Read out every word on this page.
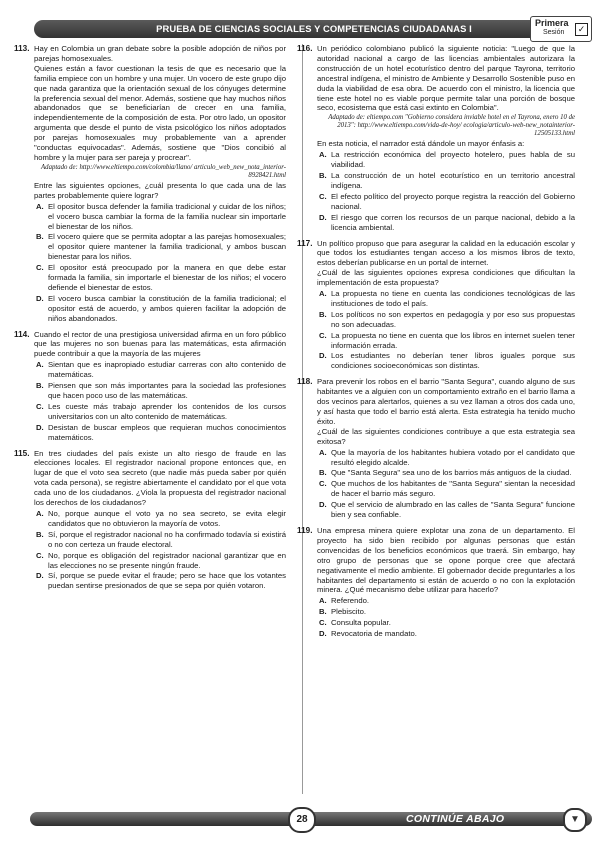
PRUEBA DE CIENCIAS SOCIALES Y COMPETENCIAS CIUDADANAS I	Primera
Sesión	✓
113. Hay en Colombia un gran debate sobre la posible adopción de niños por parejas homosexuales.

Quienes están a favor cuestionan la tesis de que es necesario que la familia empiece con un hombre y una mujer. Un vocero de este grupo dijo que nada garantiza que la orientación sexual de los cónyuges determine la preferencia sexual del menor. Además, sostiene que hay muchos niños abandonados que se beneficiarían de crecer en una familia, independientemente de la composición de esta. Por otro lado, un opositor argumenta que desde el punto de vista psicológico los niños adoptados por parejas homosexuales muy probablemente van a aprender "conductas equivocadas". Además, sostiene que "Dios concibió al hombre y la mujer para ser pareja y procrear".

Adaptado de: http://www.eltiempo.com/colombia/llano/ articulo_web_new_nota_interior-8928421.html

Entre las siguientes opciones, ¿cuál presenta lo que cada una de las partes probablemente quiere lograr?

A. El opositor busca defender la familia tradicional y cuidar de los niños; el vocero busca cambiar la forma de la familia nuclear sin importarle el bienestar de los niños.
B. El vocero quiere que se permita adoptar a las parejas homosexuales; el opositor quiere mantener la familia tradicional, y ambos buscan bienestar para los niños.
C. El opositor está preocupado por la manera en que debe estar formada la familia, sin importarle el bienestar de los niños; el vocero defiende el bienestar de estos.
D. El vocero busca cambiar la constitución de la familia tradicional; el opositor está de acuerdo, y ambos quieren facilitar la adopción de niños abandonados.
114. Cuando el rector de una prestigiosa universidad afirma en un foro público que las mujeres no son buenas para las matemáticas, esta afirmación puede contribuir a que la mayoría de las mujeres

A. Sientan que es inapropiado estudiar carreras con alto contenido de matemáticas.
B. Piensen que son más importantes para la sociedad las profesiones que hacen poco uso de las matemáticas.
C. Les cueste más trabajo aprender los contenidos de los cursos universitarios con un alto contenido de matemáticas.
D. Desistan de buscar empleos que requieran muchos conocimientos matemáticos.
115. En tres ciudades del país existe un alto riesgo de fraude en las elecciones locales. El registrador nacional propone entonces que, en lugar de que el voto sea secreto (que nadie más pueda saber por quién vota cada persona), se registre abiertamente el candidato por el que vota cada uno de los ciudadanos. ¿Viola la propuesta del registrador nacional los derechos de los ciudadanos?

A. No, porque aunque el voto ya no sea secreto, se evita elegir candidatos que no obtuvieron la mayoría de votos.
B. Sí, porque el registrador nacional no ha confirmado todavía si existirá o no con certeza un fraude electoral.
C. No, porque es obligación del registrador nacional garantizar que en las elecciones no se presente ningún fraude.
D. Sí, porque se puede evitar el fraude; pero se hace que los votantes puedan sentirse presionados de que se sepa por quién votaron.
116. Un periódico colombiano publicó la siguiente noticia: "Luego de que la autoridad nacional a cargo de las licencias ambientales autorizara la construcción de un hotel ecoturístico dentro del parque Tayrona, territorio ancestral indígena, el ministro de Ambiente y Desarrollo Sostenible puso en duda la viabilidad de esa obra. De acuerdo con el ministro, la licencia que tiene este hotel no es viable porque permite talar una porción de bosque seco, ecosistema que está casi extinto en Colombia".

Adaptado de: eltiempo.com "Gobierno considera inviable hotel en el Tayrona, enero 10 de 2013": http://www.eltiempo.com/vida-de-hoy/ ecologia/articulo-web-new_notainterior-12505133.html

En esta noticia, el narrador está dándole un mayor énfasis a:

A. La restricción económica del proyecto hotelero, pues habla de su viabilidad.
B. La construcción de un hotel ecoturístico en un territorio ancestral indígena.
C. El efecto político del proyecto porque registra la reacción del Gobierno nacional.
D. El riesgo que corren los recursos de un parque nacional, debido a la licencia ambiental.
117. Un político propuso que para asegurar la calidad en la educación escolar y que todos los estudiantes tengan acceso a los mismos libros de texto, estos deberían publicarse en un portal de internet.

¿Cuál de las siguientes opciones expresa condiciones que dificultan la implementación de esta propuesta?

A. La propuesta no tiene en cuenta las condiciones tecnológicas de las instituciones de todo el país.
B. Los políticos no son expertos en pedagogía y por eso sus propuestas no son adecuadas.
C. La propuesta no tiene en cuenta que los libros en internet suelen tener información errada.
D. Los estudiantes no deberían tener libros iguales porque sus condiciones socioeconómicas son distintas.
118. Para prevenir los robos en el barrio "Santa Segura", cuando alguno de sus habitantes ve a alguien con un comportamiento extraño en el barrio llama a dos vecinos para alertarlos, quienes a su vez llaman a otros dos cada uno, y así hasta que todo el barrio está alerta. Esta estrategia ha tenido mucho éxito.

¿Cuál de las siguientes condiciones contribuye a que esta estrategia sea exitosa?

A. Que la mayoría de los habitantes hubiera votado por el candidato que resultó elegido alcalde.
B. Que "Santa Segura" sea uno de los barrios más antiguos de la ciudad.
C. Que muchos de los habitantes de "Santa Segura" sientan la necesidad de hacer el barrio más seguro.
D. Que el servicio de alumbrado en las calles de "Santa Segura" funcione bien y sea confiable.
119. Una empresa minera quiere explotar una zona de un departamento. El proyecto ha sido bien recibido por algunas personas que están convencidas de los beneficios económicos que traerá. Sin embargo, hay otro grupo de personas que se opone porque cree que afectará negativamente el medio ambiente. El gobernador decide preguntarles a los habitantes del departamento si están de acuerdo o no con la explotación minera. ¿Qué mecanismo debe utilizar para hacerlo?

A. Referendo.
B. Plebiscito.
C. Consulta popular.
D. Revocatoria de mandato.
28	CONTINÚE ABAJO	▼
